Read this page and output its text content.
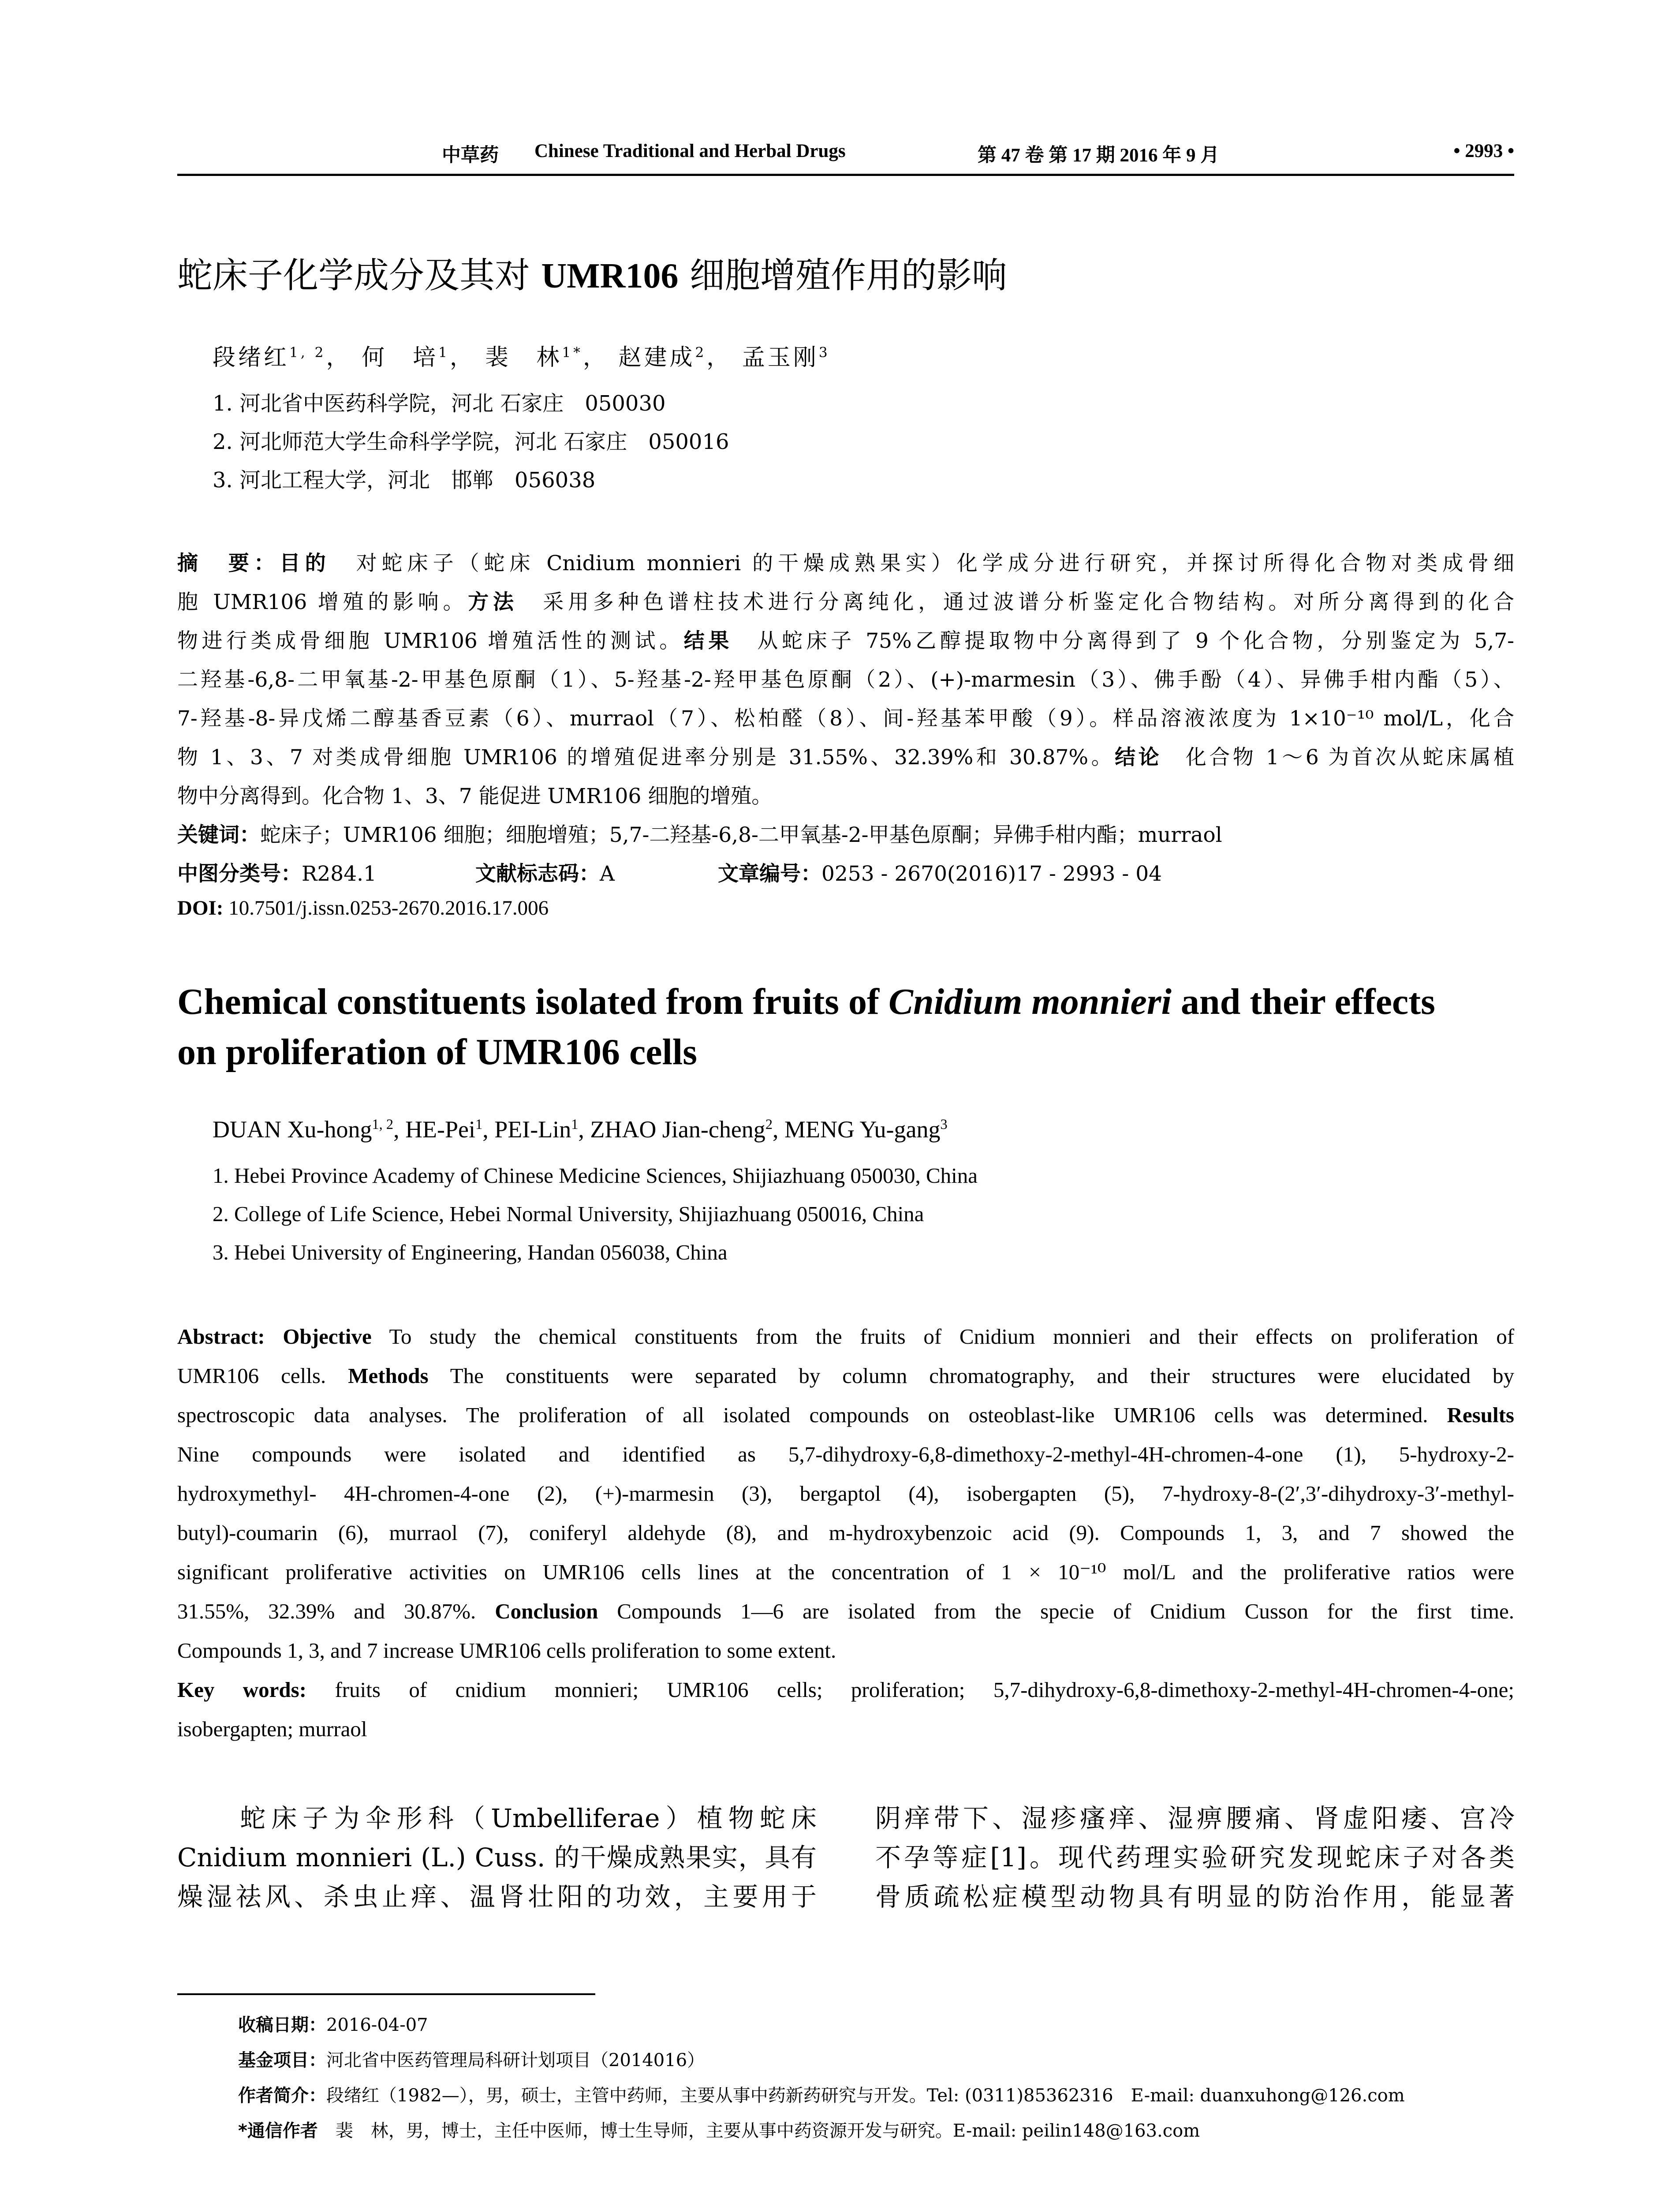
中草药 Chinese Traditional and Herbal Drugs	第 47 卷 第 17 期 2016 年 9 月	• 2993 •
蛇床子化学成分及其对 UMR106 细胞增殖作用的影响
段绪红$^{1, 2}$， 何　培$^1$， 裴　林$^{1*}$， 赵建成$^2$， 孟玉刚$^3$
1. 河北省中医药科学院，河北 石家庄　050030
2. 河北师范大学生命科学学院，河北 石家庄　050016
3. 河北工程大学，河北　邯郸　056038
摘　要：目的　对蛇床子（蛇床 Cnidium monnieri 的干燥成熟果实）化学成分进行研究，并探讨所得化合物对类成骨细
胞 UMR106 增殖的影响。方法　采用多种色谱柱技术进行分离纯化，通过波谱分析鉴定化合物结构。对所分离得到的化合
物进行类成骨细胞 UMR106 增殖活性的测试。结果　从蛇床子 75%乙醇提取物中分离得到了 9 个化合物，分别鉴定为 5,7-
二羟基-6,8-二甲氧基-2-甲基色原酮（1）、5-羟基-2-羟甲基色原酮（2）、(+)-marmesin（3）、佛手酚（4）、异佛手柑内酯（5）、
7-羟基-8-异戊烯二醇基香豆素（6）、murraol（7）、松柏醛（8）、间-羟基苯甲酸（9）。样品溶液浓度为 1×10⁻¹⁰ mol/L，化合
物 1、3、7 对类成骨细胞 UMR106 的增殖促进率分别是 31.55%、32.39%和 30.87%。结论　化合物 1～6 为首次从蛇床属植
物中分离得到。化合物 1、3、7 能促进 UMR106 细胞的增殖。
关键词：蛇床子；UMR106 细胞；细胞增殖；5,7-二羟基-6,8-二甲氧基-2-甲基色原酮；异佛手柑内酯；murraol
中图分类号：R284.1	文献标志码：A	文章编号：0253 - 2670(2016)17 - 2993 - 04
DOI: 10.7501/j.issn.0253-2670.2016.17.006
Chemical constituents isolated from fruits of Cnidium monnieri and their effects
on proliferation of UMR106 cells
DUAN Xu-hong$^{1, 2}$, HE-Pei$^1$, PEI-Lin$^1$, ZHAO Jian-cheng$^2$, MENG Yu-gang$^3$
1. Hebei Province Academy of Chinese Medicine Sciences, Shijiazhuang 050030, China
2. College of Life Science, Hebei Normal University, Shijiazhuang 050016, China
3. Hebei University of Engineering, Handan 056038, China
Abstract: Objective To study the chemical constituents from the fruits of Cnidium monnieri and their effects on proliferation of
UMR106 cells. Methods The constituents were separated by column chromatography, and their structures were elucidated by
spectroscopic data analyses. The proliferation of all isolated compounds on osteoblast-like UMR106 cells was determined. Results
Nine compounds were isolated and identified as 5,7-dihydroxy-6,8-dimethoxy-2-methyl-4H-chromen-4-one (1), 5-hydroxy-2-
hydroxymethyl- 4H-chromen-4-one (2), (+)-marmesin (3), bergaptol (4), isobergapten (5), 7-hydroxy-8-(2′,3′-dihydroxy-3′-methyl-
butyl)-coumarin (6), murraol (7), coniferyl aldehyde (8), and m-hydroxybenzoic acid (9). Compounds 1, 3, and 7 showed the
significant proliferative activities on UMR106 cells lines at the concentration of 1 × 10⁻¹⁰ mol/L and the proliferative ratios were
31.55%, 32.39% and 30.87%. Conclusion Compounds 1—6 are isolated from the specie of Cnidium Cusson for the first time.
Compounds 1, 3, and 7 increase UMR106 cells proliferation to some extent.
Key words: fruits of cnidium monnieri; UMR106 cells; proliferation; 5,7-dihydroxy-6,8-dimethoxy-2-methyl-4H-chromen-4-one;
isobergapten; murraol
　　蛇床子为伞形科（Umbelliferae）植物蛇床
Cnidium monnieri (L.) Cuss. 的干燥成熟果实，具有
燥湿祛风、杀虫止痒、温肾壮阳的功效，主要用于
阴痒带下、湿疹瘙痒、湿痹腰痛、肾虚阳痿、宫冷
不孕等症[1]。现代药理实验研究发现蛇床子对各类
骨质疏松症模型动物具有明显的防治作用，能显著
收稿日期：2016-04-07
基金项目：河北省中医药管理局科研计划项目（2014016）
作者简介：段绪红（1982—），男，硕士，主管中药师，主要从事中药新药研究与开发。Tel: (0311)85362316　E-mail: duanxuhong@126.com
*通信作者　裴　林，男，博士，主任中医师，博士生导师，主要从事中药资源开发与研究。E-mail: peilin148@163.com
